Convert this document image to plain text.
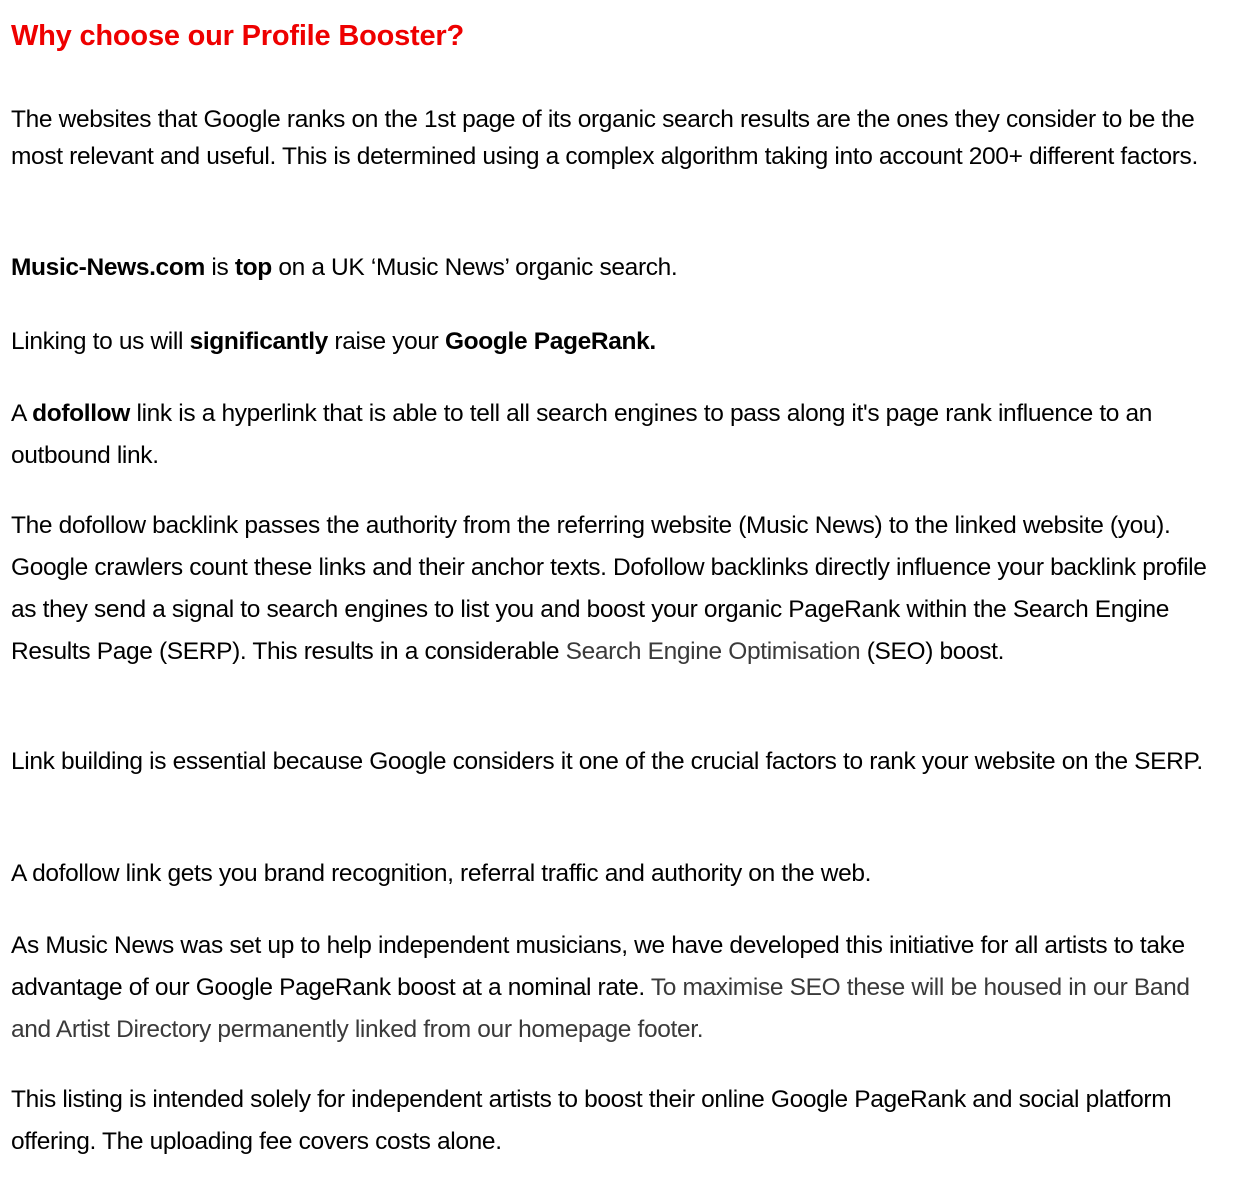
Why choose our Profile Booster?

The websites that Google ranks on the 1st page of its organic search results are the ones they consider to be the most relevant and useful. This is determined using a complex algorithm taking into account 200+ different factors.

Music-News.com is top on a UK ‘Music News’ organic search.

Linking to us will significantly raise your Google PageRank.

A dofollow link is a hyperlink that is able to tell all search engines to pass along it's page rank influence to an outbound link.

The dofollow backlink passes the authority from the referring website (Music News) to the linked website (you). Google crawlers count these links and their anchor texts. Dofollow backlinks directly influence your backlink profile as they send a signal to search engines to list you and boost your organic PageRank within the Search Engine Results Page (SERP). This results in a considerable Search Engine Optimisation (SEO) boost.

Link building is essential because Google considers it one of the crucial factors to rank your website on the SERP.

A dofollow link gets you brand recognition, referral traffic and authority on the web.

As Music News was set up to help independent musicians, we have developed this initiative for all artists to take advantage of our Google PageRank boost at a nominal rate. To maximise SEO these will be housed in our Band and Artist Directory permanently linked from our homepage footer.

This listing is intended solely for independent artists to boost their online Google PageRank and social platform offering. The uploading fee covers costs alone.
